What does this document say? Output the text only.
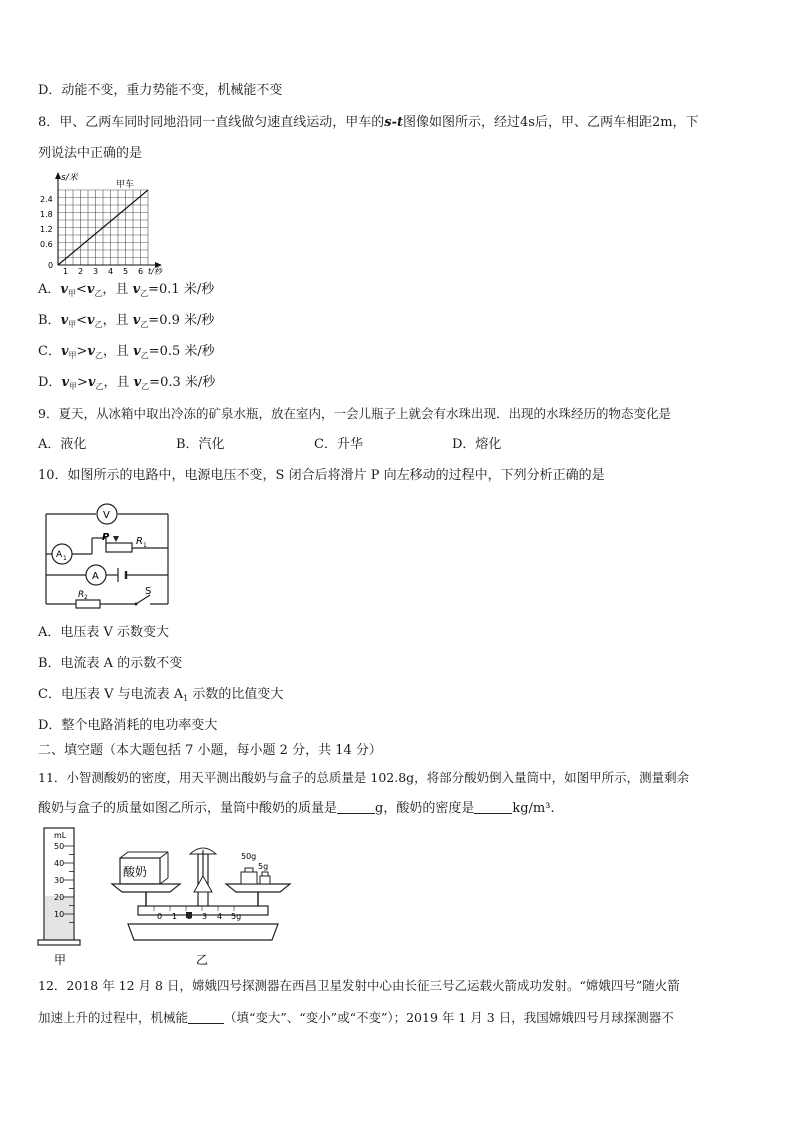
D．动能不变，重力势能不变，机械能不变
8．甲、乙两车同时同地沿同一直线做匀速直线运动，甲车的s-t图像如图所示，经过4s后，甲、乙两车相距2m，下
列说法中正确的是
s/米
甲车
2.4
1.8
1.2
0.6
0
1 2 3 4 5 6 t/秒
A．$v_甲<v_乙$，且 $v_乙=0.1$ 米/秒
B．$v_甲<v_乙$，且 $v_乙=0.9$ 米/秒
C．$v_甲>v_乙$，且 $v_乙=0.5$ 米/秒
D．$v_甲>v_乙$，且 $v_乙=0.3$ 米/秒
9．夏天，从冰箱中取出冷冻的矿泉水瓶，放在室内，一会儿瓶子上就会有水珠出现．出现的水珠经历的物态变化是
A．液化	B．汽化	C．升华	D．熔化
10．如图所示的电路中，电源电压不变，S 闭合后将滑片 P 向左移动的过程中，下列分析正确的是
V
A 1
P	R 1
A
R 2
S
A．电压表 V 示数变大
B．电流表 A 的示数不变
C．电压表 V 与电流表 $A_1$ 示数的比值变大
D．整个电路消耗的电功率变大
二、填空题（本大题包括 7 小题，每小题 2 分，共 14 分）
11．小智测酸奶的密度，用天平测出酸奶与盒子的总质量是 102.8g，将部分酸奶倒入量筒中，如图甲所示，测量剩余
酸奶与盒子的质量如图乙所示，量筒中酸奶的质量是	g，酸奶的密度是	kg/m³.
mL
50
40
30
20
10
甲
酸奶
50g
5g
0 1	3 4 5g
乙
12．2018 年 12 月 8 日，嫦娥四号探测器在西昌卫星发射中心由长征三号乙运载火箭成功发射。“嫦娥四号”随火箭
加速上升的过程中，机械能	（填“变大”、“变小”或“不变”）；2019 年 1 月 3 日，我国嫦娥四号月球探测器不
